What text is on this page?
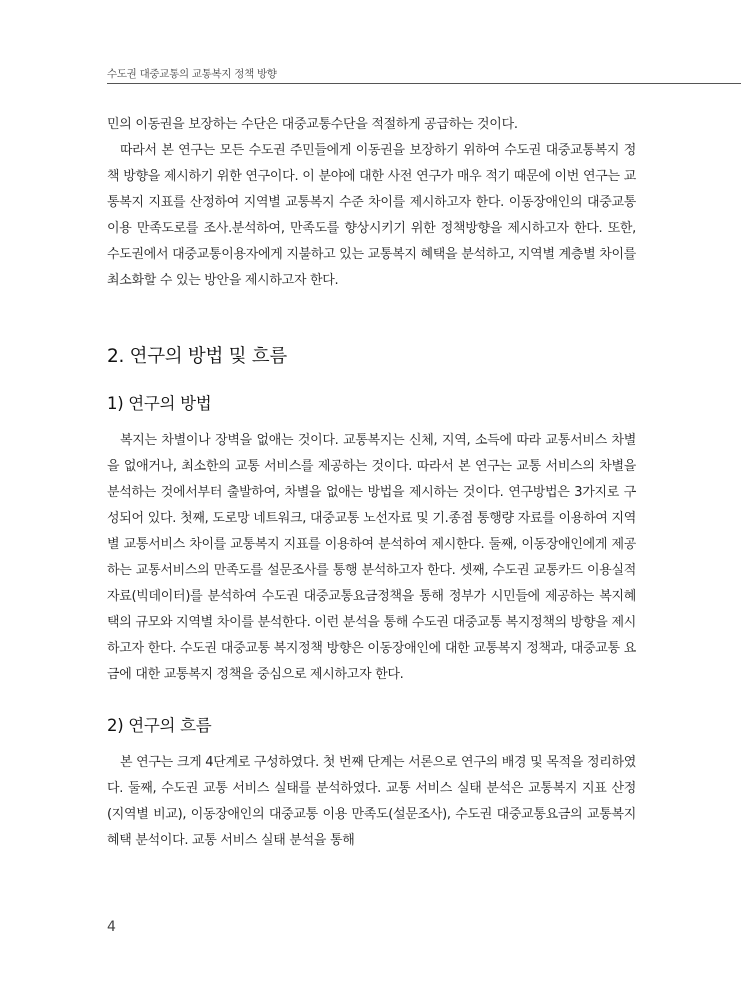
수도권 대중교통의 교통복지 정책 방향

민의 이동권을 보장하는 수단은 대중교통수단을 적절하게 공급하는 것이다.

따라서 본 연구는 모든 수도권 주민들에게 이동권을 보장하기 위하여 수도권 대중교통복지 정책 방향을 제시하기 위한 연구이다. 이 분야에 대한 사전 연구가 매우 적기 때문에 이번 연구는 교통복지 지표를 산정하여 지역별 교통복지 수준 차이를 제시하고자 한다. 이동장애인의 대중교통 이용 만족도로를 조사.분석하여, 만족도를 향상시키기 위한 정책방향을 제시하고자 한다. 또한, 수도권에서 대중교통이용자에게 지불하고 있는 교통복지 혜택을 분석하고, 지역별 계층별 차이를 최소화할 수 있는 방안을 제시하고자 한다.

2. 연구의 방법 및 흐름
1) 연구의 방법

복지는 차별이나 장벽을 없애는 것이다. 교통복지는 신체, 지역, 소득에 따라 교통서비스 차별을 없애거나, 최소한의 교통 서비스를 제공하는 것이다. 따라서 본 연구는 교통 서비스의 차별을 분석하는 것에서부터 출발하여, 차별을 없애는 방법을 제시하는 것이다. 연구방법은 3가지로 구성되어 있다. 첫째, 도로망 네트워크, 대중교통 노선자료 및 기.종점 통행량 자료를 이용하여 지역별 교통서비스 차이를 교통복지 지표를 이용하여 분석하여 제시한다. 둘째, 이동장애인에게 제공하는 교통서비스의 만족도를 설문조사를 통행 분석하고자 한다. 셋째, 수도권 교통카드 이용실적 자료(빅데이터)를 분석하여 수도권 대중교통요금정책을 통해 정부가 시민들에 제공하는 복지혜택의 규모와 지역별 차이를 분석한다. 이런 분석을 통해 수도권 대중교통 복지정책의 방향을 제시하고자 한다. 수도권 대중교통 복지정책 방향은 이동장애인에 대한 교통복지 정책과, 대중교통 요금에 대한 교통복지 정책을 중심으로 제시하고자 한다.

2) 연구의 흐름

본 연구는 크게 4단계로 구성하였다. 첫 번째 단계는 서론으로 연구의 배경 및 목적을 정리하였다. 둘째, 수도권 교통 서비스 실태를 분석하였다. 교통 서비스 실태 분석은 교통복지 지표 산정(지역별 비교), 이동장애인의 대중교통 이용 만족도(설문조사), 수도권 대중교통요금의 교통복지 혜택 분석이다. 교통 서비스 실태 분석을 통해

4
